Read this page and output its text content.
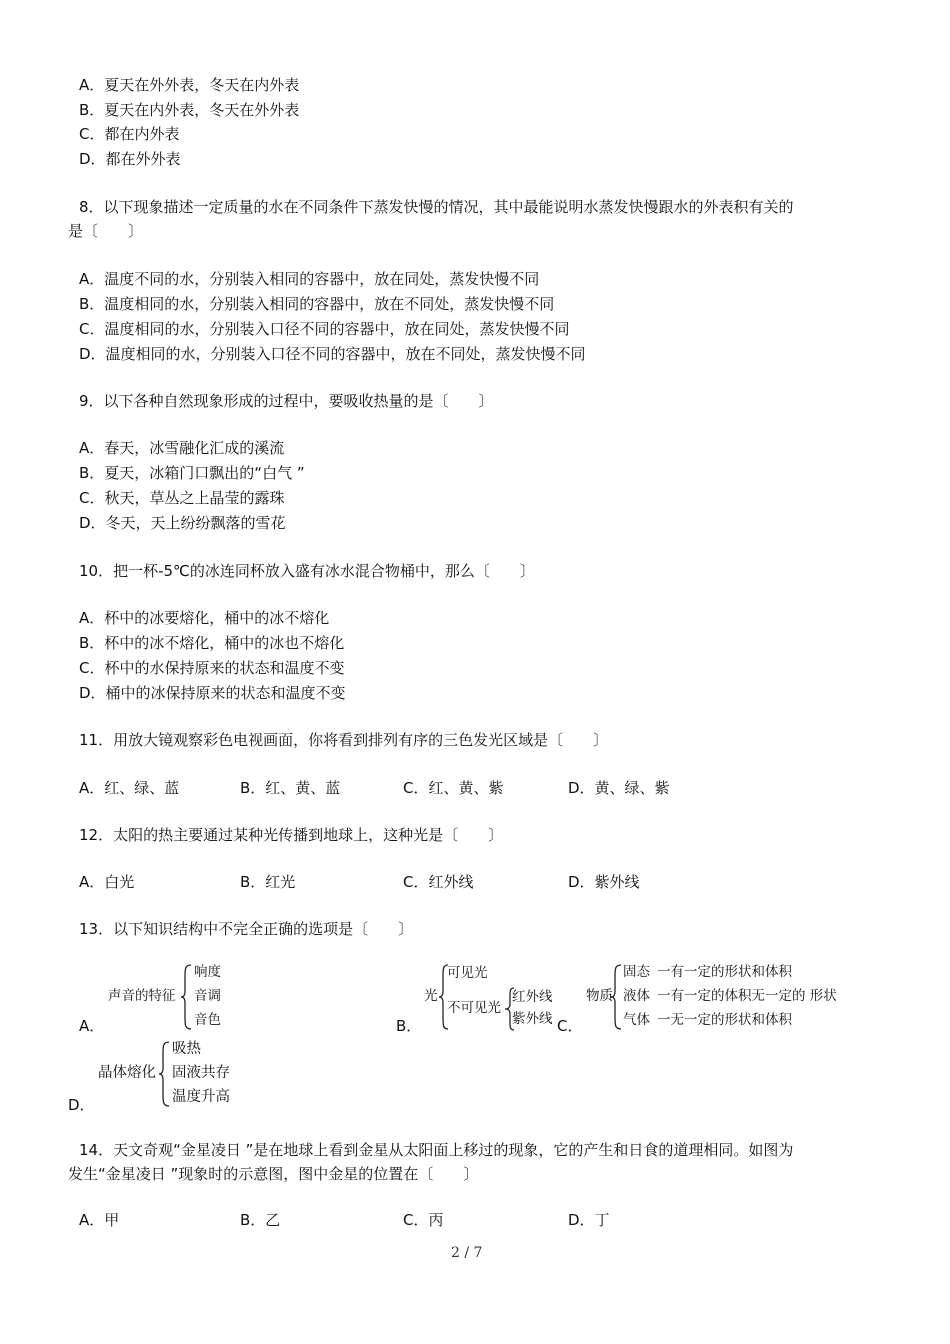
A．夏天在外外表，冬天在内外表
B．夏天在内外表，冬天在外外表
C．都在内外表
D．都在外外表
8．以下现象描述一定质量的水在不同条件下蒸发快慢的情况，其中最能说明水蒸发快慢跟水的外表积有关的
是〔　　〕
A．温度不同的水，分别装入相同的容器中，放在同处，蒸发快慢不同
B．温度相同的水，分别装入相同的容器中，放在不同处，蒸发快慢不同
C．温度相同的水，分别装入口径不同的容器中，放在同处，蒸发快慢不同
D．温度相同的水，分别装入口径不同的容器中，放在不同处，蒸发快慢不同
9．以下各种自然现象形成的过程中，要吸收热量的是〔　　〕
A．春天，冰雪融化汇成的溪流
B．夏天，冰箱门口飘出的“白气 ”
C．秋天，草丛之上晶莹的露珠
D．冬天，天上纷纷飘落的雪花
10．把一杯-5℃的冰连同杯放入盛有冰水混合物桶中，那么〔　　〕
A．杯中的冰要熔化，桶中的冰不熔化
B．杯中的冰不熔化，桶中的冰也不熔化
C．杯中的水保持原来的状态和温度不变
D．桶中的冰保持原来的状态和温度不变
11．用放大镜观察彩色电视画面，你将看到排列有序的三色发光区域是〔　　〕
A．红、绿、蓝	B．红、黄、蓝	C．红、黄、紫	D．黄、绿、紫
12．太阳的热主要通过某种光传播到地球上，这种光是〔　　〕
A．白光	B．红光	C．红外线	D．紫外线
13．以下知识结构中不完全正确的选项是〔　　〕
A．	B．	C．
D．
声音的特征
响度
音调
音色
光
可见光
不可见光
红外线
紫外线
物质
固态 一有一定的形状和体积
液体 一有一定的体积无一定的 形状
气体 一无一定的形状和体积
晶体熔化
吸热
固液共存
温度升高
14．天文奇观“金星凌日 ”是在地球上看到金星从太阳面上移过的现象，它的产生和日食的道理相同。如图为
发生“金星凌日 ”现象时的示意图，图中金星的位置在〔　　〕
A．甲	B．乙	C．丙	D．丁
2 / 7
